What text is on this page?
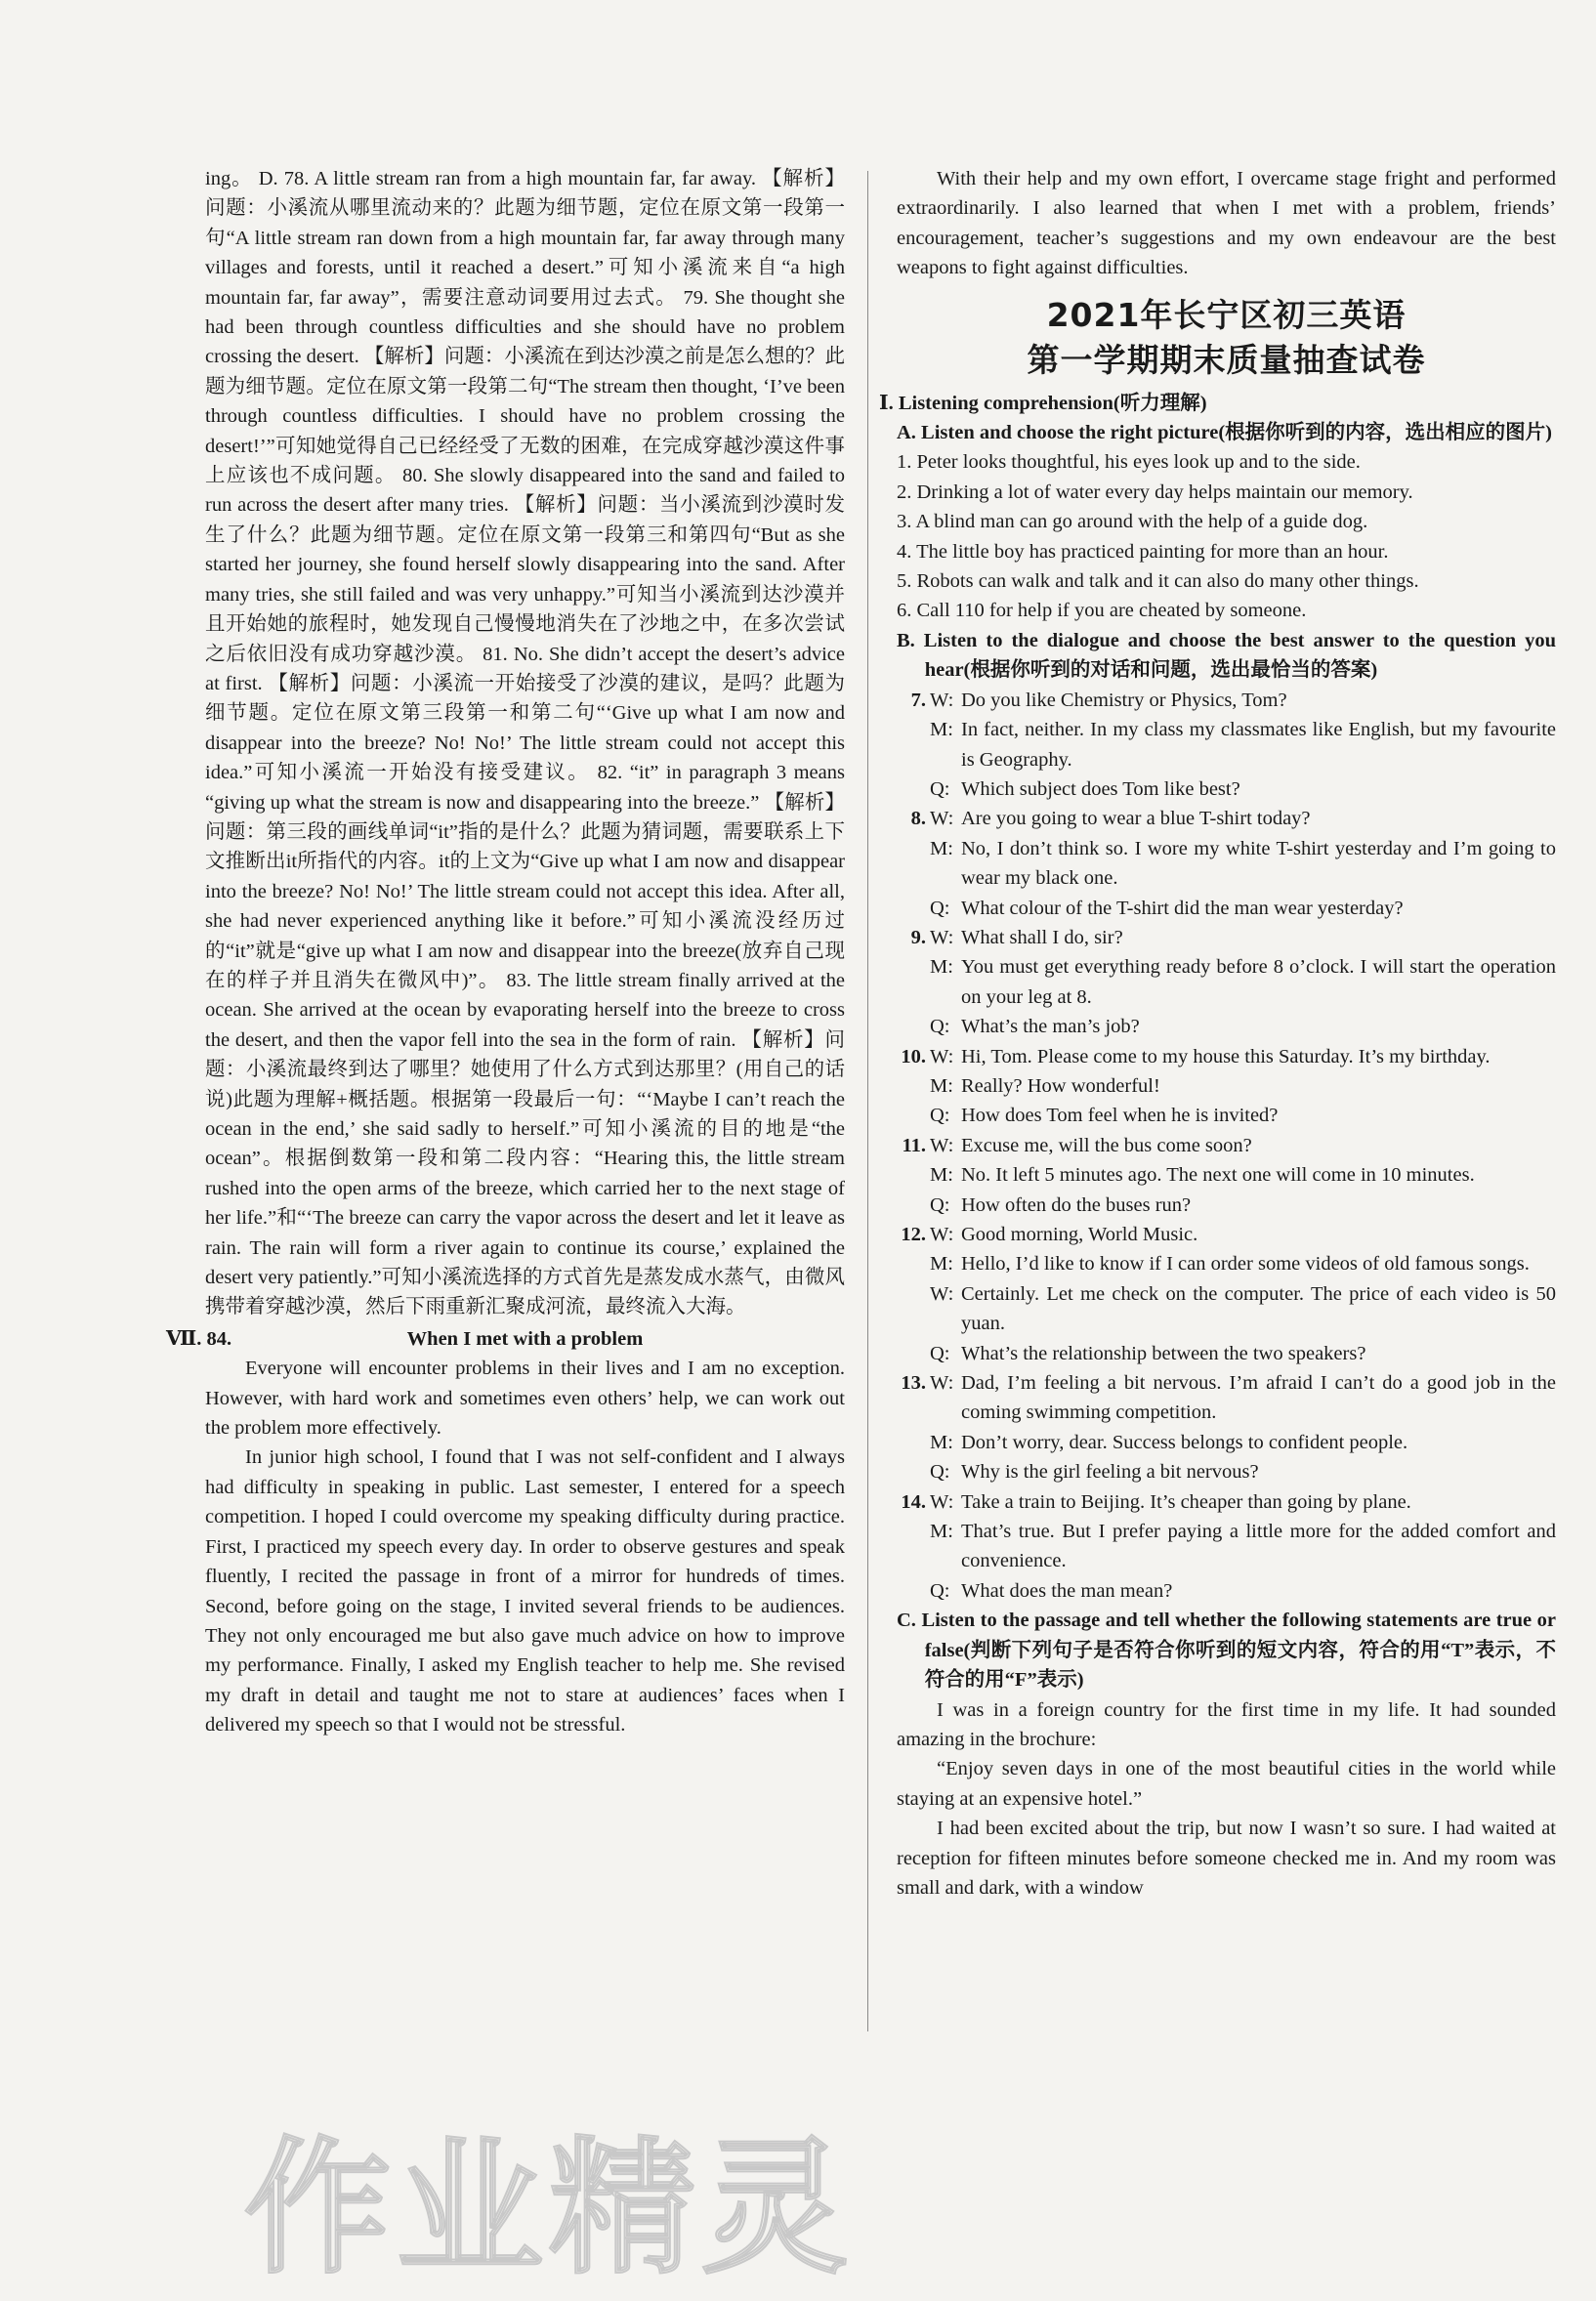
ing。 D. 78. A little stream ran from a high mountain far, far away. 【解析】问题：小溪流从哪里流动来的？此题为细节题，定位在原文第一段第一句“A little stream ran down from a high mountain far, far away through many villages and forests, until it reached a desert.”可知小溪流来自“a high mountain far, far away”，需要注意动词要用过去式。 79. She thought she had been through countless difficulties and she should have no problem crossing the desert. 【解析】问题：小溪流在到达沙漠之前是怎么想的？此题为细节题。定位在原文第一段第二句“The stream then thought, ‘I’ve been through countless difficulties. I should have no problem crossing the desert!’”可知她觉得自己已经经受了无数的困难，在完成穿越沙漠这件事上应该也不成问题。 80. She slowly disappeared into the sand and failed to run across the desert after many tries. 【解析】问题：当小溪流到沙漠时发生了什么？此题为细节题。定位在原文第一段第三和第四句“But as she started her journey, she found herself slowly disappearing into the sand. After many tries, she still failed and was very unhappy.”可知当小溪流到达沙漠并且开始她的旅程时，她发现自己慢慢地消失在了沙地之中，在多次尝试之后依旧没有成功穿越沙漠。 81. No. She didn’t accept the desert’s advice at first. 【解析】问题：小溪流一开始接受了沙漠的建议，是吗？此题为细节题。定位在原文第三段第一和第二句“‘Give up what I am now and disappear into the breeze? No! No!’ The little stream could not accept this idea.”可知小溪流一开始没有接受建议。 82. “it” in paragraph 3 means “giving up what the stream is now and disappearing into the breeze.” 【解析】问题：第三段的画线单词“it”指的是什么？此题为猜词题，需要联系上下文推断出it所指代的内容。it的上文为“Give up what I am now and disappear into the breeze? No! No!’ The little stream could not accept this idea. After all, she had never experienced anything like it before.”可知小溪流没经历过的“it”就是“give up what I am now and disappear into the breeze(放弃自己现在的样子并且消失在微风中)”。 83. The little stream finally arrived at the ocean. She arrived at the ocean by evaporating herself into the breeze to cross the desert, and then the vapor fell into the sea in the form of rain. 【解析】问题：小溪流最终到达了哪里？她使用了什么方式到达那里？(用自己的话说)此题为理解+概括题。根据第一段最后一句：“‘Maybe I can’t reach the ocean in the end,’ she said sadly to herself.”可知小溪流的目的地是“the ocean”。根据倒数第一段和第二段内容：“Hearing this, the little stream rushed into the open arms of the breeze, which carried her to the next stage of her life.”和“‘The breeze can carry the vapor across the desert and let it leave as rain. The rain will form a river again to continue its course,’ explained the desert very patiently.”可知小溪流选择的方式首先是蒸发成水蒸气，由微风携带着穿越沙漠，然后下雨重新汇聚成河流，最终流入大海。

Ⅶ. 84.	When I met with a problem

Everyone will encounter problems in their lives and I am no exception. However, with hard work and sometimes even others’ help, we can work out the problem more effectively.

In junior high school, I found that I was not self-confident and I always had difficulty in speaking in public. Last semester, I entered for a speech competition. I hoped I could overcome my speaking difficulty during practice. First, I practiced my speech every day. In order to observe gestures and speak fluently, I recited the passage in front of a mirror for hundreds of times. Second, before going on the stage, I invited several friends to be audiences. They not only encouraged me but also gave much advice on how to improve my performance. Finally, I asked my English teacher to help me. She revised my draft in detail and taught me not to stare at audiences’ faces when I delivered my speech so that I would not be stressful.

With their help and my own effort, I overcame stage fright and performed extraordinarily. I also learned that when I met with a problem, friends’ encouragement, teacher’s suggestions and my own endeavour are the best weapons to fight against difficulties.

2021年长宁区初三英语
第一学期期末质量抽查试卷

Ⅰ. Listening comprehension(听力理解)

A. Listen and choose the right picture(根据你听到的内容，选出相应的图片)

1. Peter looks thoughtful, his eyes look up and to the side.

2. Drinking a lot of water every day helps maintain our memory.

3. A blind man can go around with the help of a guide dog.

4. The little boy has practiced painting for more than an hour.

5. Robots can walk and talk and it can also do many other things.

6. Call 110 for help if you are cheated by someone.

B. Listen to the dialogue and choose the best answer to the question you hear(根据你听到的对话和问题，选出最恰当的答案)

7. W: Do you like Chemistry or Physics, Tom?
M: In fact, neither. In my class my classmates like English, but my favourite is Geography.
Q: Which subject does Tom like best?
8. W: Are you going to wear a blue T-shirt today?
M: No, I don’t think so. I wore my white T-shirt yesterday and I’m going to wear my black one.
Q: What colour of the T-shirt did the man wear yesterday?
9. W: What shall I do, sir?
M: You must get everything ready before 8 o’clock. I will start the operation on your leg at 8.
Q: What’s the man’s job?
10. W: Hi, Tom. Please come to my house this Saturday. It’s my birthday.
M: Really? How wonderful!
Q: How does Tom feel when he is invited?
11. W: Excuse me, will the bus come soon?
M: No. It left 5 minutes ago. The next one will come in 10 minutes.
Q: How often do the buses run?
12. W: Good morning, World Music.
M: Hello, I’d like to know if I can order some videos of old famous songs.
W: Certainly. Let me check on the computer. The price of each video is 50 yuan.
Q: What’s the relationship between the two speakers?
13. W: Dad, I’m feeling a bit nervous. I’m afraid I can’t do a good job in the coming swimming competition.
M: Don’t worry, dear. Success belongs to confident people.
Q: Why is the girl feeling a bit nervous?
14. W: Take a train to Beijing. It’s cheaper than going by plane.
M: That’s true. But I prefer paying a little more for the added comfort and convenience.
Q: What does the man mean?

C. Listen to the passage and tell whether the following statements are true or false(判断下列句子是否符合你听到的短文内容，符合的用“T”表示，不符合的用“F”表示)

I was in a foreign country for the first time in my life. It had sounded amazing in the brochure:

“Enjoy seven days in one of the most beautiful cities in the world while staying at an expensive hotel.”

I had been excited about the trip, but now I wasn’t so sure. I had waited at reception for fifteen minutes before someone checked me in. And my room was small and dark, with a window

作业精灵
